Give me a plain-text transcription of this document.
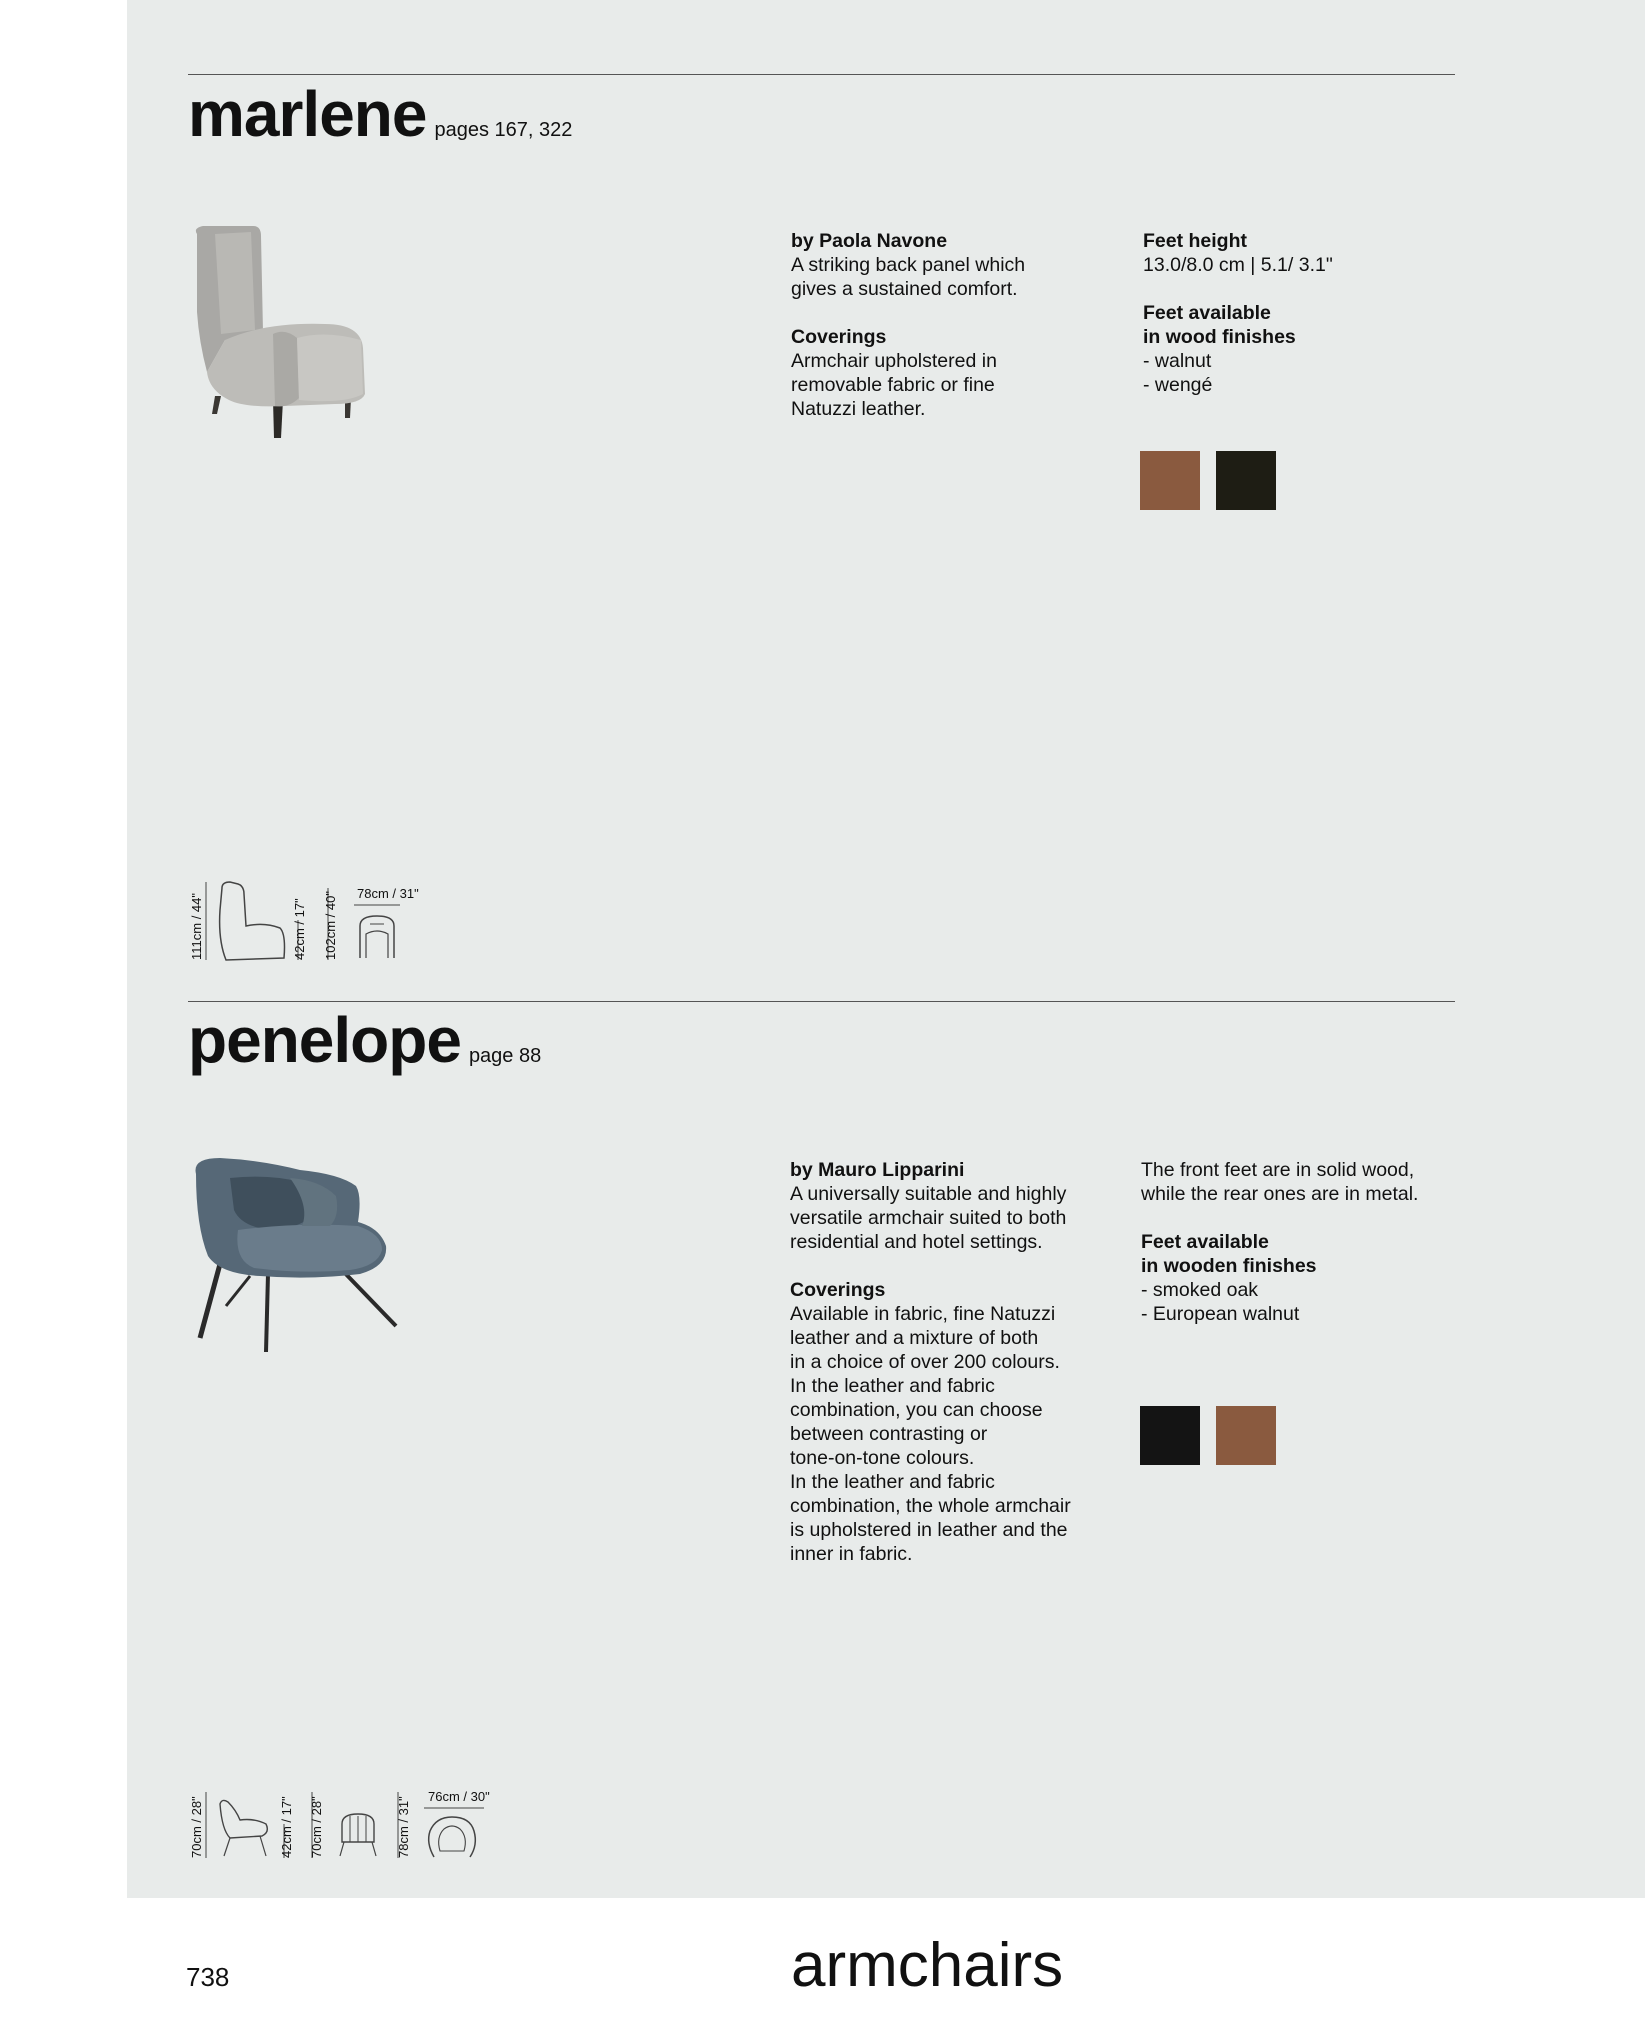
marlene pages 167, 322

by Paola Navone

A striking back panel which

gives a sustained comfort.

Coverings

Armchair upholstered in

removable fabric or fine

Natuzzi leather.

Feet height

13.0/8.0 cm | 5.1/ 3.1"

Feet available

in wood finishes

- walnut

- wengé

111cm / 44"	42cm / 17" 102cm / 40" 78cm / 31"
penelope page 88

by Mauro Lipparini

A universally suitable and highly

versatile armchair suited to both

residential and hotel settings.

Coverings

Available in fabric, fine Natuzzi

leather and a mixture of both

in a choice of over 200 colours.

In the leather and fabric

combination, you can choose

between contrasting or

tone-on-tone colours.

In the leather and fabric

combination, the whole armchair

is upholstered in leather and the

inner in fabric.

The front feet are in solid wood,

while the rear ones are in metal.

Feet available

in wooden finishes

- smoked oak

- European walnut

70cm / 28"	42cm / 17" 70cm / 28"	78cm / 31" 76cm / 30"
738	armchairs
